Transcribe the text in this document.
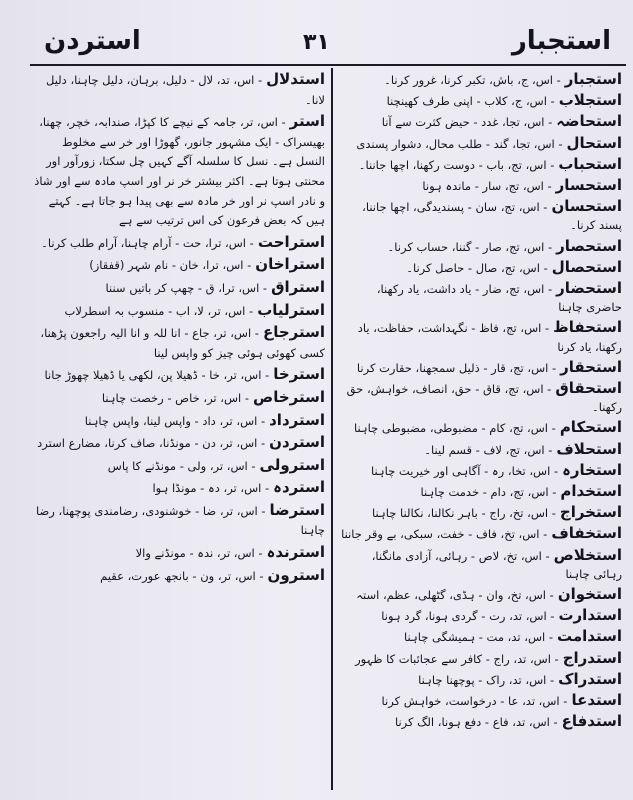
استردن	۳۱	استجبار

استجبار- اس، ج، باش، تکبر کرنا، غرور کرنا۔

استجلاب- اس، ج، کلاب - اپنی طرف کھینچنا

استحاضہ- اس، تجا، غدد - حیض کثرت سے آنا

استحال- اس، تجا، گند - طلب محال، دشوار پسندی

استحباب- اس، تج، باب - دوست رکھنا، اچھا جاننا۔

استحسار- اس، تج، سار - ماندہ ہونا

استحسان- اس، تج، سان - پسندیدگی، اچھا جاننا، پسند کرنا۔

استحصار- اس، تج، صار - گننا، حساب کرنا۔

استحصال- اس، تج، صال - حاصل کرنا۔

استحضار- اس، تج، ضار - یاد داشت، یاد رکھنا، حاضری چاہنا

استحفاظ- اس، تج، فاظ - نگہداشت، حفاظت، یاد رکھنا، یاد کرنا

استحقار- اس، تج، قار - ذلیل سمجھنا، حقارت کرنا

استحقاق- اس، تج، قاق - حق، انصاف، خواہش، حق رکھنا۔

استحکام- اس، تج، کام - مضبوطی، مضبوطی چاہنا

استحلاف- اس، تج، لاف - قسم لینا۔

استخارہ- اس، تخا، رہ - آگاہی اور خیریت چاہنا

استخدام- اس، تج، دام - خدمت چاہنا

استخراج- اس، تخ، راج - باہر نکالنا، نکالنا چاہنا

استخفاف- اس، تخ، فاف - خفت، سبکی، بے وقر جاننا

استخلاص- اس، تخ، لاص - رہائی، آزادی مانگنا، رہائی چاہنا

استخوان- اس، تخ، وان - ہڈی، گٹھلی، عظم، استہ

استدارت- اس، تد، رت - گردی ہونا، گرد ہونا

استدامت- اس، تد، مت - ہمیشگی چاہنا

استدراج- اس، تد، راج - کافر سے عجائبات کا ظہور

استدراک- اس، تد، راک - پوچھنا چاہنا

استدعا- اس، تد، عا - درخواست، خواہش کرنا

استدفاع- اس، تد، فاع - دفع ہونا، الگ کرنا

استدلال- اس، تد، لال - دلیل، برہان، دلیل چاہنا، دلیل لانا۔

استر- اس، تر، جامہ کے نیچے کا کپڑا، صندابہ، خچر، چھنا، بھیسراک - ایک مشہور جانور، گھوڑا اور خر سے مخلوط النسل ہے۔ نسل کا سلسلہ آگے کہیں چل سکتا، زورآور اور محنتی ہوتا ہے۔ اکثر بیشتر خر نر اور اسپ مادہ سے اور شاذ و نادر اسپ نر اور خر مادہ سے بھی پیدا ہو جاتا ہے۔ کہتے ہیں کہ بعض فرعون کی اس ترتیب سے ہے

استراحت- اس، ترا، حت - آرام چاہنا، آرام طلب کرنا۔

استراخان- اس، ترا، خان - نام شہر (قفقاز)

استراق- اس، ترا، ق - چھپ کر باتیں سننا

استرلیاب- اس، تر، لا، اب - منسوب بہ اسطرلاب

استرجاع- اس، تر، جاع - انا للہ و انا الیہ راجعون پڑھنا، کسی کھوئی ہوئی چیز کو واپس لینا

استرخا- اس، تر، خا - ڈھیلا پن، لکھی یا ڈھیلا چھوڑ جانا

استرخاص- اس، تر، خاص - رخصت چاہنا

استرداد- اس، تر، داد - واپس لینا، واپس چاہنا

استردن- اس، تر، دن - مونڈنا، صاف کرنا، مضارع استرد

استرولی- اس، تر، ولی - مونڈنے کا پاس

استردہ- اس، تر، دہ - مونڈا ہوا

استرضا- اس، تر، ضا - خوشنودی، رضامندی پوچھنا، رضا چاہنا

استرندہ- اس، تر، ندہ - مونڈنے والا

استرون- اس، تر، ون - بانجھ عورت، عقیم
